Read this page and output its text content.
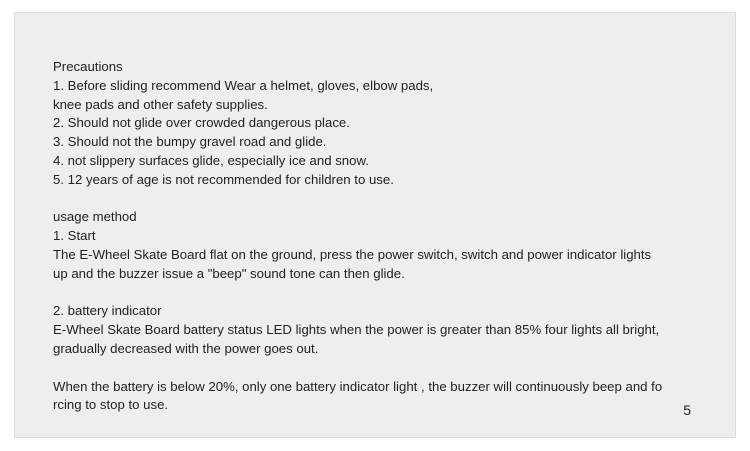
Precautions
1. Before sliding recommend Wear a helmet, gloves, elbow pads,
knee pads and other safety supplies.
2. Should not glide over crowded dangerous place.
3. Should not the bumpy gravel road and glide.
4. not slippery surfaces glide, especially ice and snow.
5. 12 years of age is not recommended for children to use.
usage method
1. Start
The E-Wheel Skate Board flat on the ground, press the power switch, switch and power indicator lights
up and the buzzer issue a "beep" sound tone can then glide.
2. battery indicator
E-Wheel Skate Board battery status LED lights when the power is greater than 85% four lights all bright,
gradually decreased with the power goes out.
When the battery is below 20%, only one battery indicator light , the buzzer will continuously beep and fo
rcing to stop to use.	5
